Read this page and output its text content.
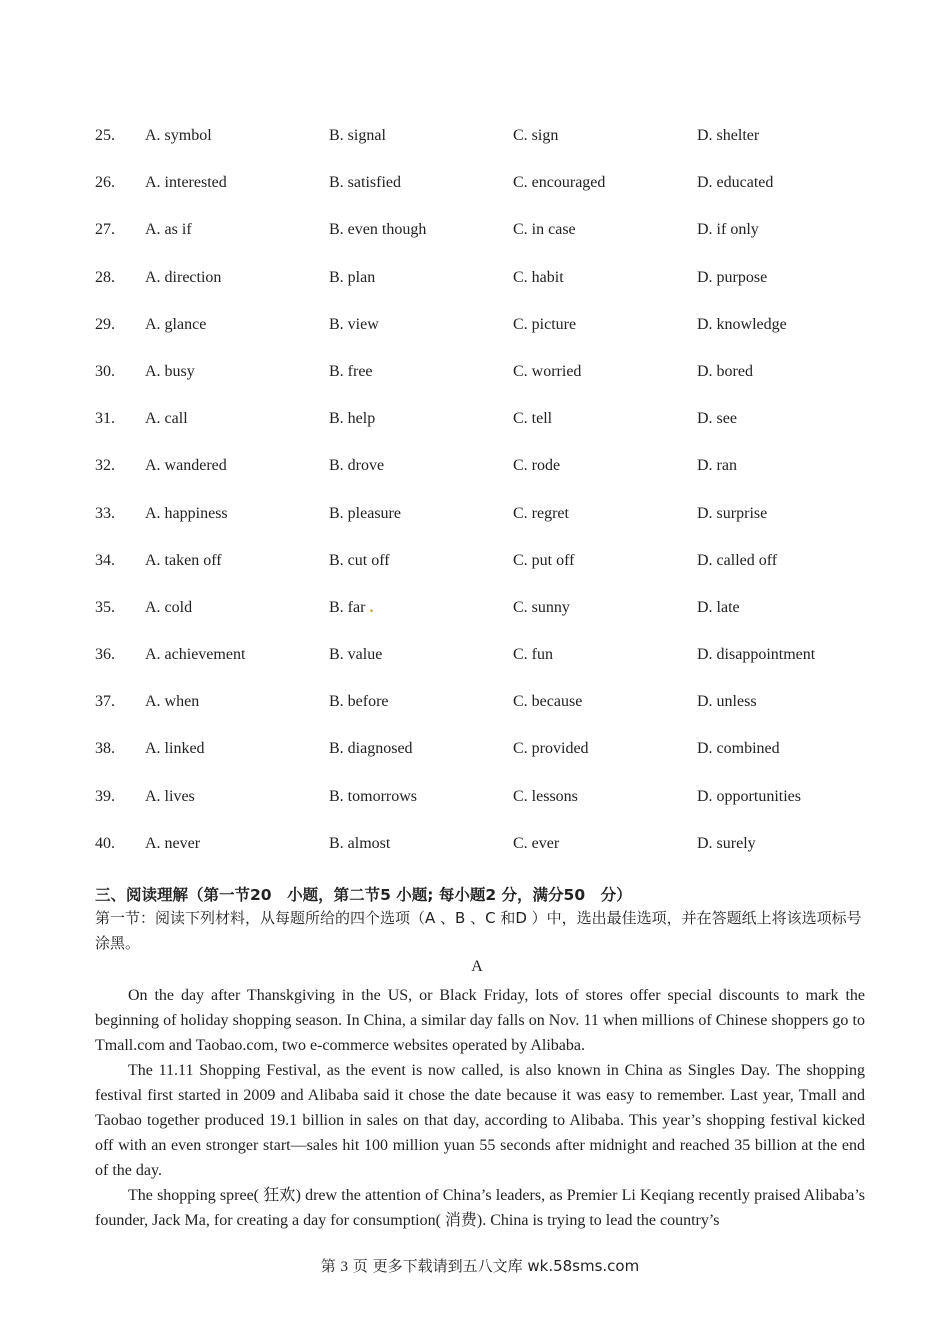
25. A. symbol	B. signal	C. sign	D. shelter
26. A. interested	B. satisfied	C. encouraged	D. educated
27. A. as if	B. even though	C. in case	D. if only
28. A. direction	B. plan	C. habit	D. purpose
29. A. glance	B. view	C. picture	D. knowledge
30. A. busy	B. free	C. worried	D. bored
31. A. call	B. help	C. tell	D. see
32. A. wandered	B. drove	C. rode	D. ran
33. A. happiness	B. pleasure	C. regret	D. surprise
34. A. taken off	B. cut off	C. put off	D. called off
35. A. cold	B. far .	C. sunny	D. late
36. A. achievement	B. value	C. fun	D. disappointment
37. A. when	B. before	C. because	D. unless
38. A. linked	B. diagnosed	C. provided	D. combined
39. A. lives	B. tomorrows	C. lessons	D. opportunities
40. A. never	B. almost	C. ever	D. surely
三、阅读理解（第一节20　小题，第二节5 小题; 每小题2 分，满分50　分）
第一节：阅读下列材料，从每题所给的四个选项（A 、B 、C 和D ）中，选出最佳选项，并在答题纸上将该选项标号涂黑。
A

On the day after Thanskgiving in the US, or Black Friday, lots of stores offer special discounts to mark the beginning of holiday shopping season. In China, a similar day falls on Nov. 11 when millions of Chinese shoppers go to Tmall.com and Taobao.com, two e-commerce websites operated by Alibaba.

The 11.11 Shopping Festival, as the event is now called, is also known in China as Singles Day. The shopping festival first started in 2009 and Alibaba said it chose the date because it was easy to remember. Last year, Tmall and Taobao together produced 19.1 billion in sales on that day, according to Alibaba. This year’s shopping festival kicked off with an even stronger start—sales hit 100 million yuan 55 seconds after midnight and reached 35 billion at the end of the day.

The shopping spree( 狂欢) drew the attention of China’s leaders, as Premier Li Keqiang recently praised Alibaba’s founder, Jack Ma, for creating a day for consumption( 消费). China is trying to lead the country’s

第 3 页 更多下载请到五八文库 wk.58sms.com
